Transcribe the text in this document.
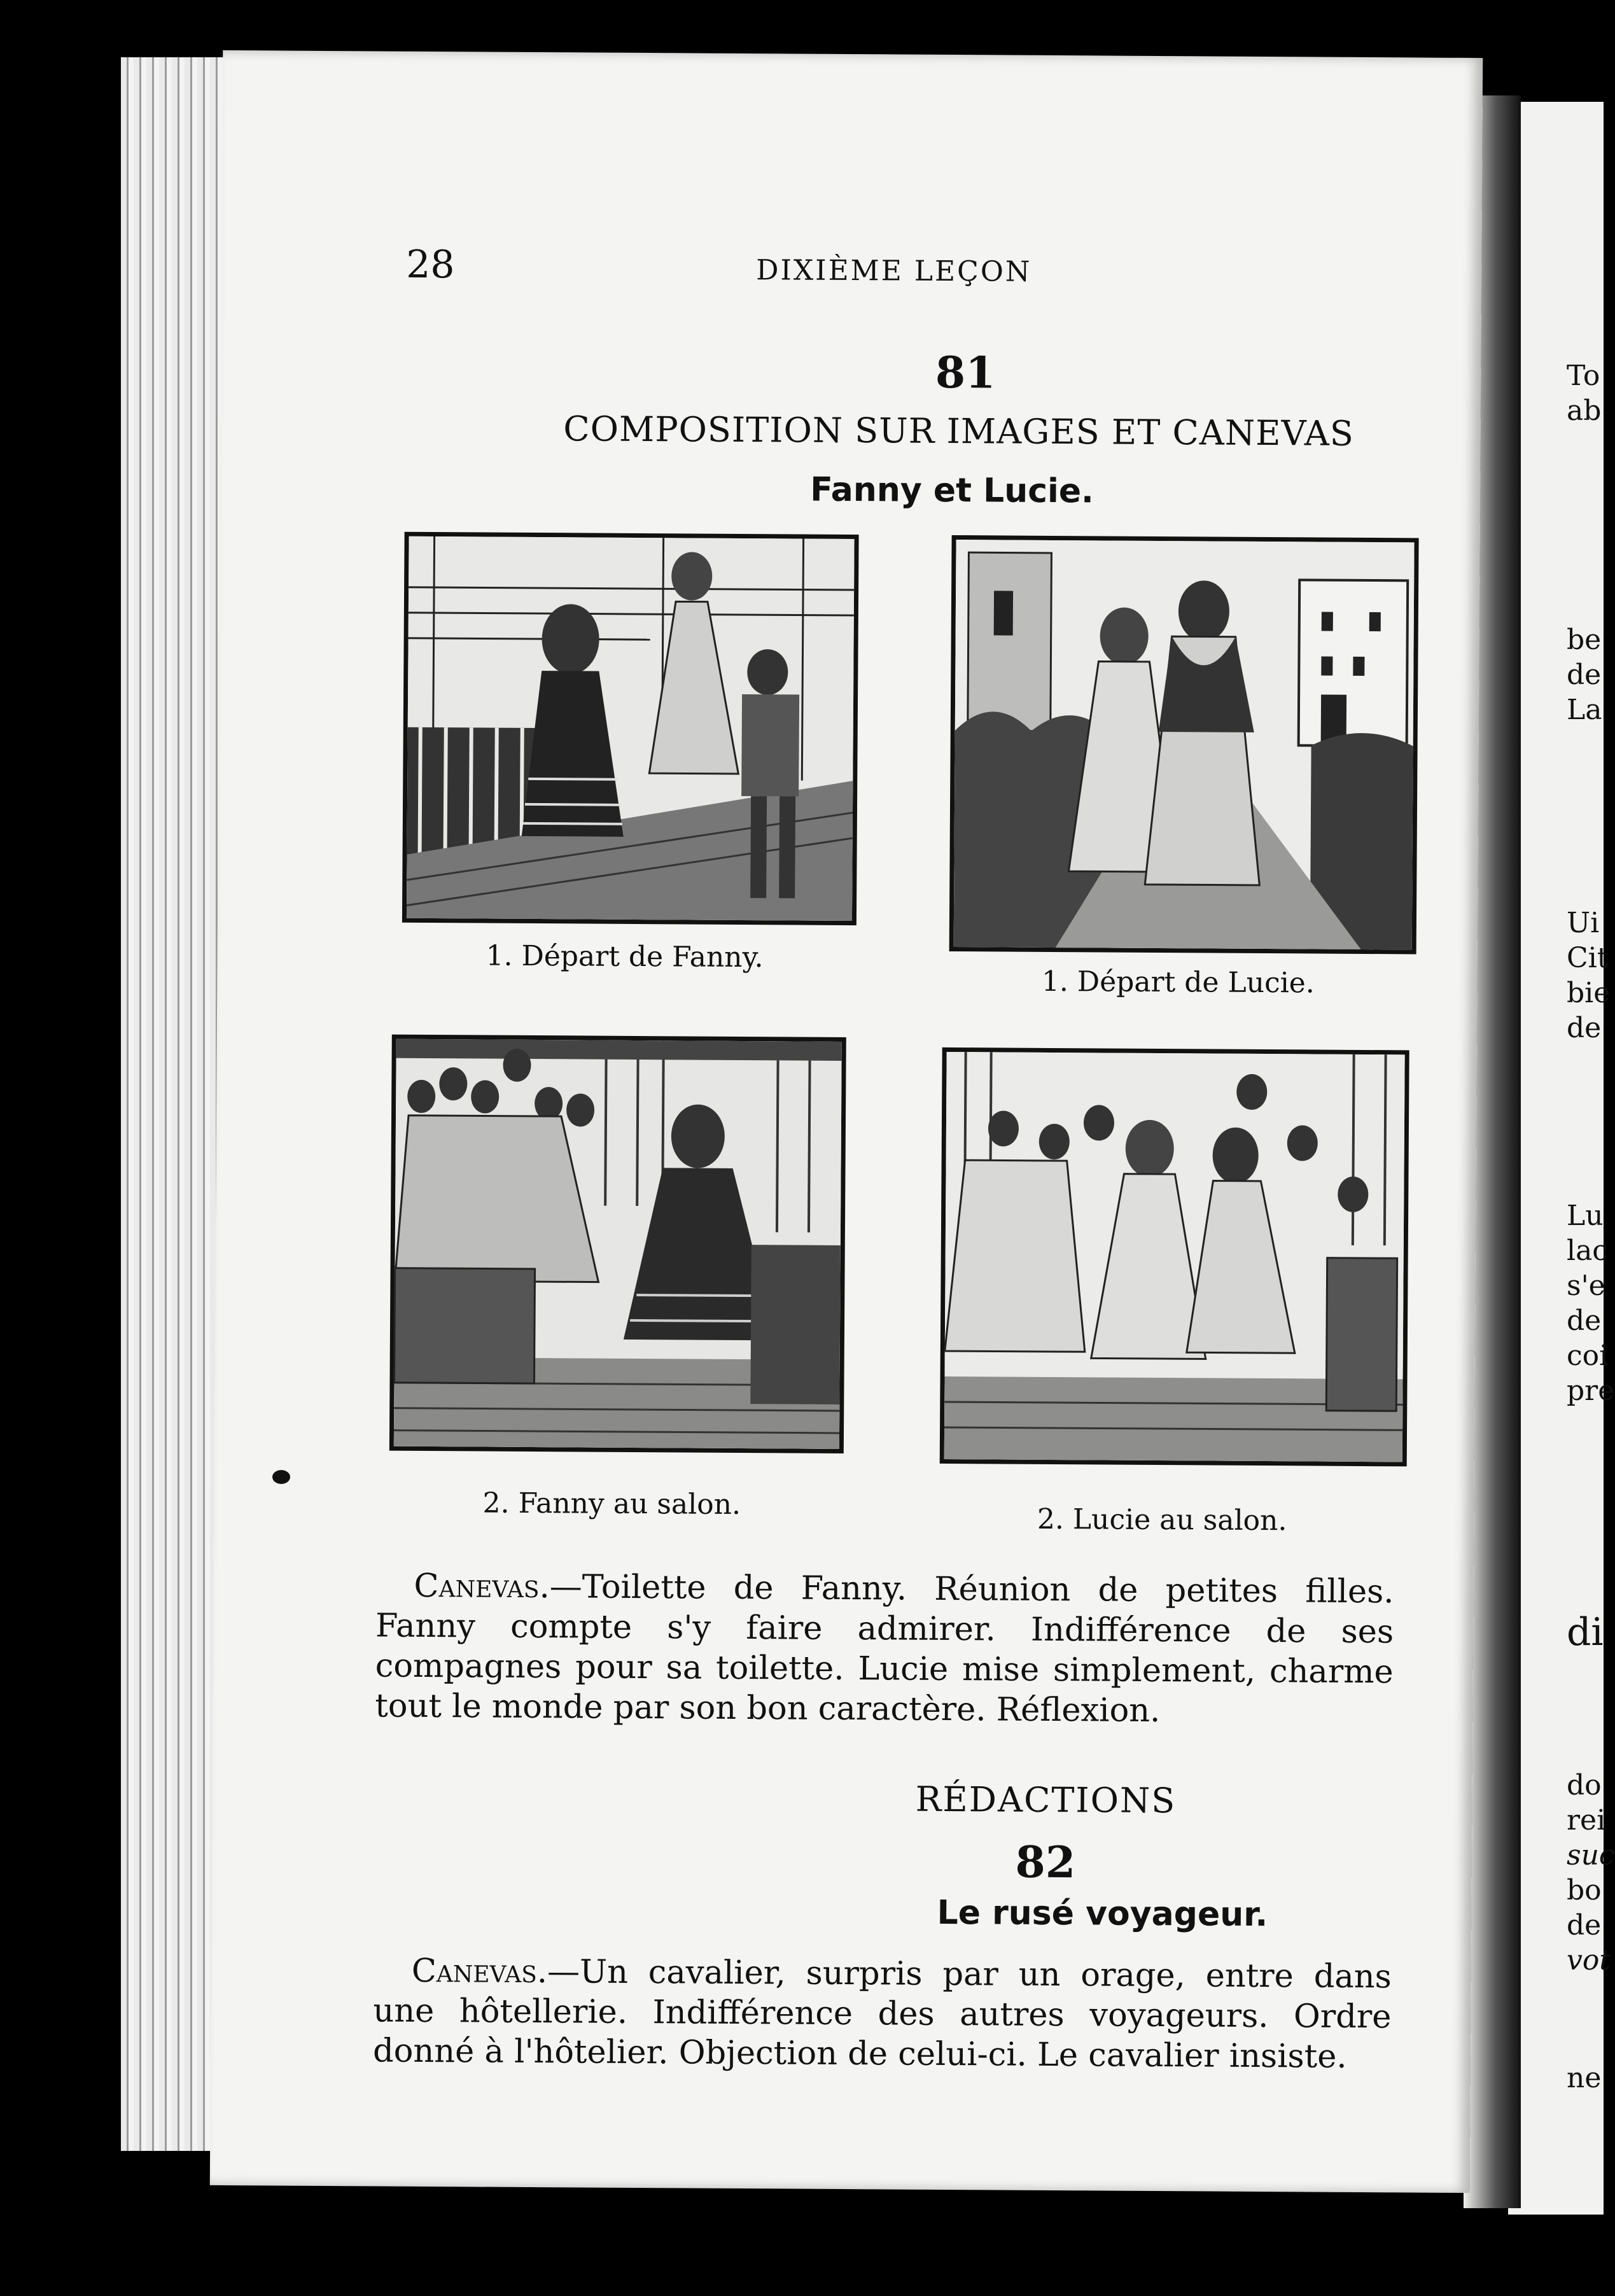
To
ab
be
de
La
Ui
Cit
bie
de
Lu
lac
s'e
de
coi
pre
di
do
rei
suc
bo
de
vot
ne
28	DIXIÈME LEÇON
81
COMPOSITION SUR IMAGES ET CANEVAS
Fanny et Lucie.
1. Départ de Fanny.
1. Départ de Lucie.
2. Fanny au salon.	2. Lucie au salon.
Canevas.—Toilette de Fanny. Réunion de petites filles. Fanny compte s'y faire admirer. Indifférence de ses compagnes pour sa toilette. Lucie mise simplement, charme tout le monde par son bon caractère. Réflexion.
RÉDACTIONS
82
Le rusé voyageur.
Canevas.—Un cavalier, surpris par un orage, entre dans une hôtellerie. Indifférence des autres voyageurs. Ordre donné à l'hôtelier. Objection de celui-ci. Le cavalier insiste.
